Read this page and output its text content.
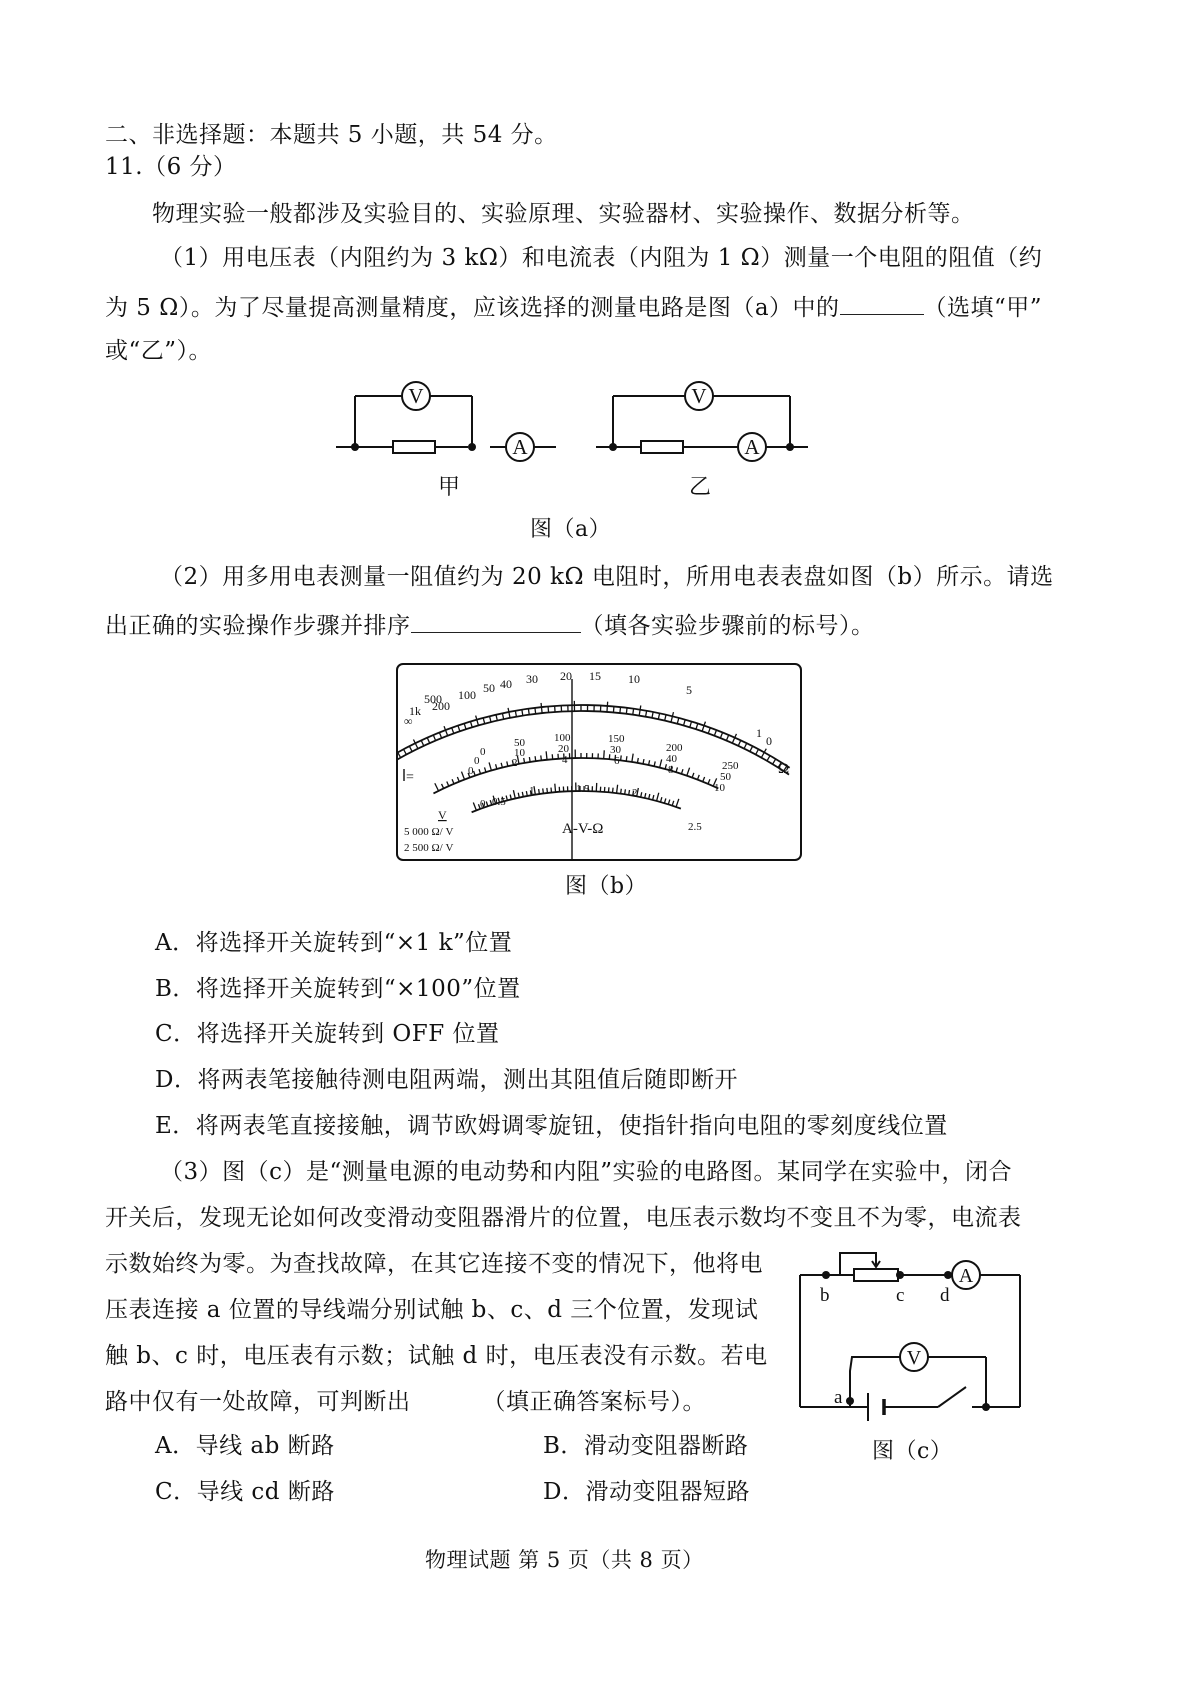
二、非选择题：本题共 5 小题，共 54 分。
11.（6 分）
物理实验一般都涉及实验目的、实验原理、实验器材、实验操作、数据分析等。
（1）用电压表（内阻约为 3 kΩ）和电流表（内阻为 1 Ω）测量一个电阻的阻值（约
为 5 Ω）。为了尽量提高测量精度，应该选择的测量电路是图（a）中的	（选填“甲”
或“乙”）。
V
A
甲
V
A
乙
图（a）
（2）用多用电表测量一阻值约为 20 kΩ 电阻时，所用电表表盘如图（b）所示。请选
出正确的实验操作步骤并排序	（填各实验步骤前的标号）。
∞
1k
500
200
100 50 40 30 20 15 10
5
1
0
Ω
0
50	100	150
200
250
0
10	20	30
40
50
0
2	4	6
8
10
0 0.5
1	1.5	2
2.5
=
V
A-V-Ω
5 000 Ω/ V
2 500 Ω/ V
图（b）
A．将选择开关旋转到“×1 k”位置
B．将选择开关旋转到“×100”位置
C．将选择开关旋转到 OFF 位置
D．将两表笔接触待测电阻两端，测出其阻值后随即断开
E．将两表笔直接接触，调节欧姆调零旋钮，使指针指向电阻的零刻度线位置
（3）图（c）是“测量电源的电动势和内阻”实验的电路图。某同学在实验中，闭合
开关后，发现无论如何改变滑动变阻器滑片的位置，电压表示数均不变且不为零，电流表
示数始终为零。为查找故障，在其它连接不变的情况下，他将电
压表连接 a 位置的导线端分别试触 b、c、d 三个位置，发现试
触 b、c 时，电压表有示数；试触 d 时，电压表没有示数。若电
路中仅有一处故障，可判断出	（填正确答案标号）。
A
V
a
b	c d
图（c）
A．导线 ab 断路	B．滑动变阻器断路
C．导线 cd 断路	D．滑动变阻器短路
物理试题 第 5 页（共 8 页）
